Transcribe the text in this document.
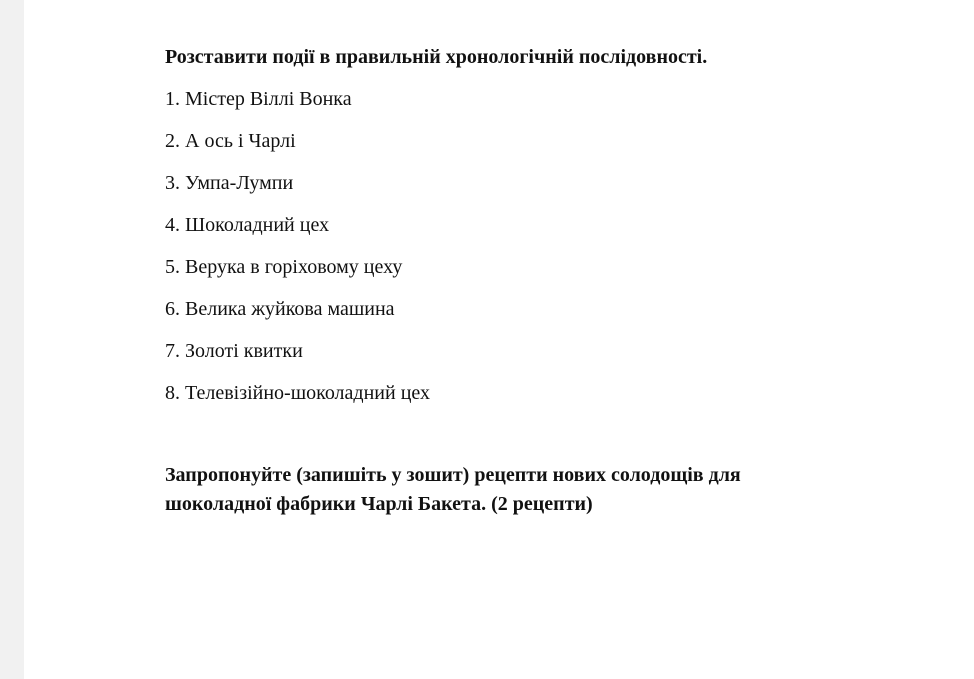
Розставити події в правильній хронологічній послідовності.

1. Містер Віллі Вонка
2. А ось і Чарлі
3. Умпа-Лумпи
4. Шоколадний цех
5. Верука в горіховому цеху
6. Велика жуйкова машина
7. Золоті квитки
8. Телевізійно-шоколадний цех

Запропонуйте (запишіть у зошит) рецепти нових солодощів для
шоколадної фабрики Чарлі Бакета. (2 рецепти)
